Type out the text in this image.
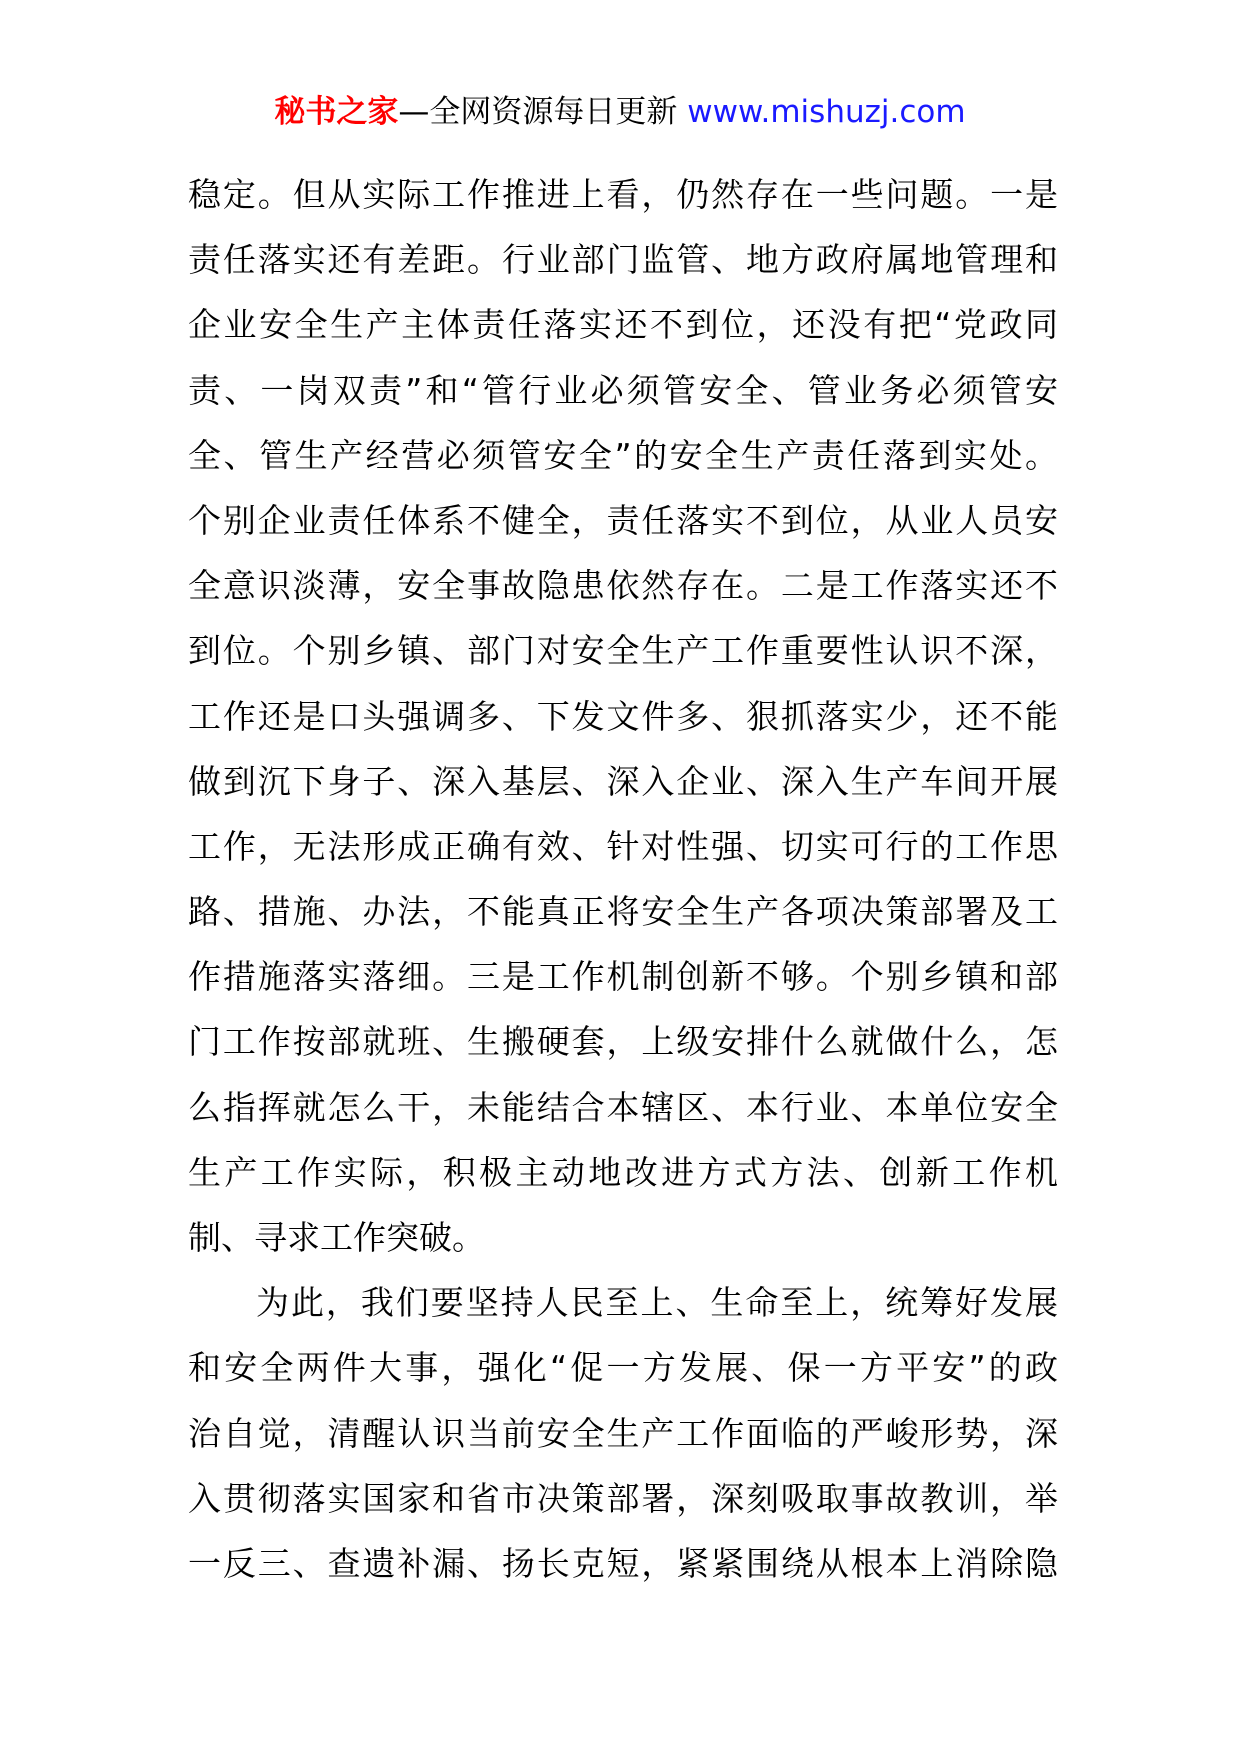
秘书之家—全网资源每日更新 www.mishuzj.com
稳定。但从实际工作推进上看，仍然存在一些问题。一是
责任落实还有差距。行业部门监管、地方政府属地管理和
企业安全生产主体责任落实还不到位，还没有把“党政同
责、一岗双责”和“管行业必须管安全、管业务必须管安
全、管生产经营必须管安全”的安全生产责任落到实处。
个别企业责任体系不健全，责任落实不到位，从业人员安
全意识淡薄，安全事故隐患依然存在。二是工作落实还不
到位。个别乡镇、部门对安全生产工作重要性认识不深，
工作还是口头强调多、下发文件多、狠抓落实少，还不能
做到沉下身子、深入基层、深入企业、深入生产车间开展
工作，无法形成正确有效、针对性强、切实可行的工作思
路、措施、办法，不能真正将安全生产各项决策部署及工
作措施落实落细。三是工作机制创新不够。个别乡镇和部
门工作按部就班、生搬硬套，上级安排什么就做什么，怎
么指挥就怎么干，未能结合本辖区、本行业、本单位安全
生产工作实际，积极主动地改进方式方法、创新工作机
制、寻求工作突破。
为此，我们要坚持人民至上、生命至上，统筹好发展
和安全两件大事，强化“促一方发展、保一方平安”的政
治自觉，清醒认识当前安全生产工作面临的严峻形势，深
入贯彻落实国家和省市决策部署，深刻吸取事故教训，举
一反三、查遗补漏、扬长克短，紧紧围绕从根本上消除隐
